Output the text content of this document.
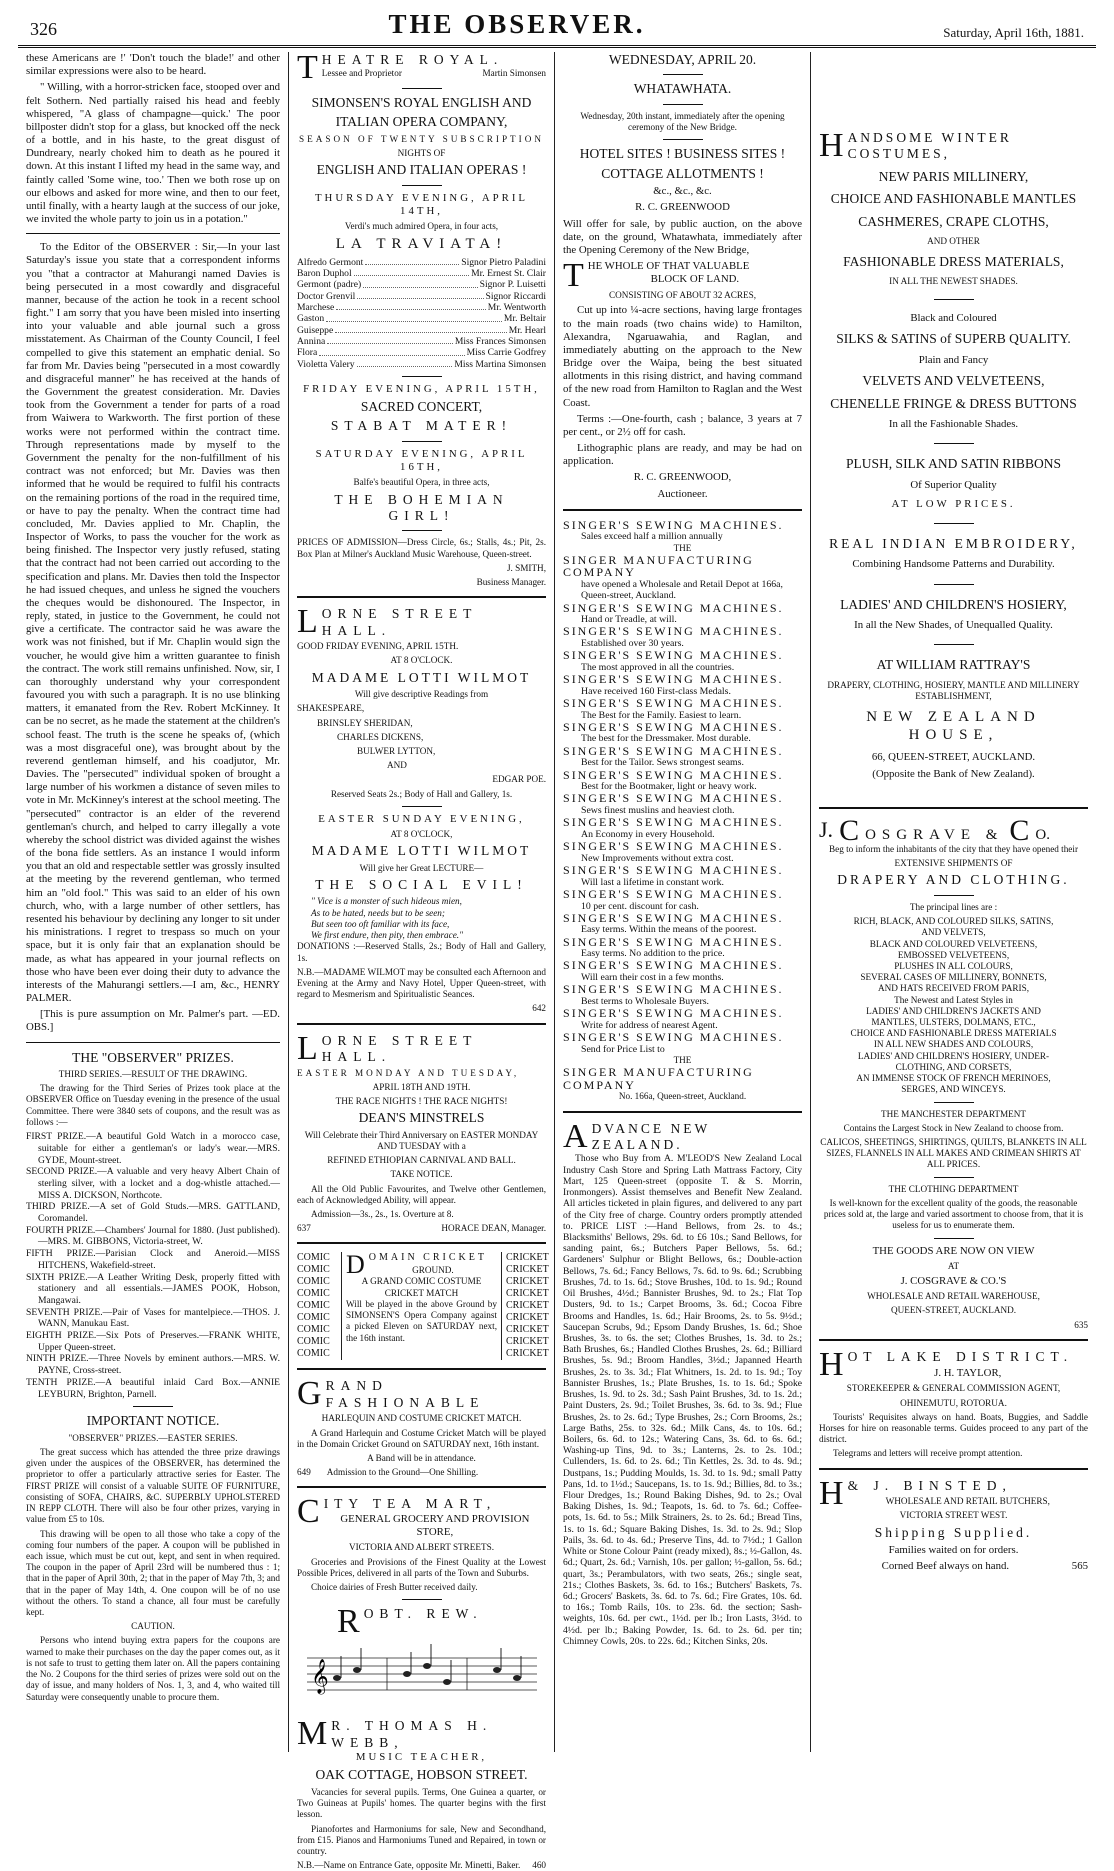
326	THE OBSERVER.	Saturday, April 16th, 1881.

these Americans are !' 'Don't touch the blade!' and other similar expressions were also to be heard.

" Willing, with a horror-stricken face, stooped over and felt Sothern. Ned partially raised his head and feebly whispered, "A glass of champagne—quick.' The poor billposter didn't stop for a glass, but knocked off the neck of a bottle, and in his haste, to the great disgust of Dundreary, nearly choked him to death as he poured it down. At this instant I lifted my head in the same way, and faintly called 'Some wine, too.' Then we both rose up on our elbows and asked for more wine, and then to our feet, until finally, with a hearty laugh at the success of our joke, we invited the whole party to join us in a potation."

To the Editor of the OBSERVER : Sir,—In your last Saturday's issue you state that a correspondent informs you "that a contractor at Mahurangi named Davies is being persecuted in a most cowardly and disgraceful manner, because of the action he took in a recent school fight." I am sorry that you have been misled into inserting into your valuable and able journal such a gross misstatement. As Chairman of the County Council, I feel compelled to give this statement an emphatic denial. So far from Mr. Davies being "persecuted in a most cowardly and disgraceful manner" he has received at the hands of the Government the greatest consideration. Mr. Davies took from the Government a tender for parts of a road from Waiwera to Warkworth. The first portion of these works were not performed within the contract time. Through representations made by myself to the Government the penalty for the non-fulfillment of his contract was not enforced; but Mr. Davies was then informed that he would be required to fulfil his contracts on the remaining portions of the road in the required time, or have to pay the penalty. When the contract time had concluded, Mr. Davies applied to Mr. Chaplin, the Inspector of Works, to pass the voucher for the work as being finished. The Inspector very justly refused, stating that the contract had not been carried out according to the specification and plans. Mr. Davies then told the Inspector he had issued cheques, and unless he signed the vouchers the cheques would be dishonoured. The Inspector, in reply, stated, in justice to the Government, he could not give a certificate. The contractor said he was aware the work was not finished, but if Mr. Chaplin would sign the voucher, he would give him a written guarantee to finish the contract. The work still remains unfinished. Now, sir, I can thoroughly understand why your correspondent favoured you with such a paragraph. It is no use blinking matters, it emanated from the Rev. Robert McKinney. It can be no secret, as he made the statement at the children's school feast. The truth is the scene he speaks of, (which was a most disgraceful one), was brought about by the reverend gentleman himself, and his coadjutor, Mr. Davies. The "persecuted" individual spoken of brought a large number of his workmen a distance of seven miles to vote in Mr. McKinney's interest at the school meeting. The "persecuted" contractor is an elder of the reverend gentleman's church, and helped to carry illegally a vote whereby the school district was divided against the wishes of the bona fide settlers. As an instance I would inform you that an old and respectable settler was grossly insulted at the meeting by the reverend gentleman, who termed him an "old fool." This was said to an elder of his own church, who, with a large number of other settlers, has resented his behaviour by declining any longer to sit under his ministrations. I regret to trespass so much on your space, but it is only fair that an explanation should be made, as what has appeared in your journal reflects on those who have been ever doing their duty to advance the interests of the Mahurangi settlers.—I am, &c., HENRY PALMER.

[This is pure assumption on Mr. Palmer's part. —ED. OBS.]

THE "OBSERVER" PRIZES.

THIRD SERIES.—RESULT OF THE DRAWING.

The drawing for the Third Series of Prizes took place at the OBSERVER Office on Tuesday evening in the presence of the usual Committee. There were 3840 sets of coupons, and the result was as follows :—

FIRST PRIZE.—A beautiful Gold Watch in a morocco case, suitable for either a gentleman's or lady's wear.—MRS. GYDE, Mount-street.
SECOND PRIZE.—A valuable and very heavy Albert Chain of sterling silver, with a locket and a dog-whistle attached.—MISS A. DICKSON, Northcote.
THIRD PRIZE.—A set of Gold Studs.—MRS. GATTLAND, Coromandel.
FOURTH PRIZE.—Chambers' Journal for 1880. (Just published).—MRS. M. GIBBONS, Victoria-street, W.
FIFTH PRIZE.—Parisian Clock and Aneroid.—MISS HITCHENS, Wakefield-street.
SIXTH PRIZE.—A Leather Writing Desk, properly fitted with stationery and all essentials.—JAMES POOK, Hobson, Mangawai.
SEVENTH PRIZE.—Pair of Vases for mantelpiece.—THOS. J. WANN, Manukau East.
EIGHTH PRIZE.—Six Pots of Preserves.—FRANK WHITE, Upper Queen-street.
NINTH PRIZE.—Three Novels by eminent authors.—MRS. W. PAYNE, Cross-street.
TENTH PRIZE.—A beautiful inlaid Card Box.—ANNIE LEYBURN, Brighton, Parnell.

IMPORTANT NOTICE.

"OBSERVER" PRIZES.—EASTER SERIES.

The great success which has attended the three prize drawings given under the auspices of the OBSERVER, has determined the proprietor to offer a particularly attractive series for Easter. The FIRST PRIZE will consist of a valuable SUITE OF FURNITURE, consisting of SOFA, CHAIRS, &C. SUPERBLY UPHOLSTERED IN REPP CLOTH. There will also be four other prizes, varying in value from £5 to 10s.

This drawing will be open to all those who take a copy of the coming four numbers of the paper. A coupon will be published in each issue, which must be cut out, kept, and sent in when required. The coupon in the paper of April 23rd will be numbered thus : 1; that in the paper of April 30th, 2; that in the paper of May 7th, 3; and that in the paper of May 14th, 4. One coupon will be of no use without the others. To stand a chance, all four must be carefully kept.

CAUTION.

Persons who intend buying extra papers for the coupons are warned to make their purchases on the day the paper comes out, as it is not safe to trust to getting them later on. All the papers containing the No. 2 Coupons for the third series of prizes were sold out on the day of issue, and many holders of Nos. 1, 3, and 4, who waited till Saturday were consequently unable to procure them.

THEATRE ROYAL.
Lessee and Proprietor	Martin Simonsen

SIMONSEN'S ROYAL ENGLISH AND

ITALIAN OPERA COMPANY,

SEASON OF TWENTY SUBSCRIPTION

NIGHTS OF

ENGLISH AND ITALIAN OPERAS !

THURSDAY EVENING, APRIL 14TH,

Verdi's much admired Opera, in four acts,

LA TRAVIATA!

Alfredo Germont	Signor Pietro Paladini
Baron Duphol	Mr. Ernest St. Clair
Germont (padre)	Signor P. Luisetti
Doctor Grenvil	Signor Riccardi
Marchese	Mr. Wentworth
Gaston	Mr. Beltair
Guiseppe	Mr. Hearl
Annina	Miss Frances Simonsen
Flora	Miss Carrie Godfrey
Violetta Valery	Miss Martina Simonsen

FRIDAY EVENING, APRIL 15TH,

SACRED CONCERT,

STABAT MATER!

SATURDAY EVENING, APRIL 16TH,

Balfe's beautiful Opera, in three acts,

THE BOHEMIAN GIRL!

PRICES OF ADMISSION—Dress Circle, 6s.; Stalls, 4s.; Pit, 2s. Box Plan at Milner's Auckland Music Warehouse, Queen-street.

J. SMITH,

Business Manager.

LORNE STREET HALL.

GOOD FRIDAY EVENING, APRIL 15TH.

AT 8 O'CLOCK.

MADAME LOTTI WILMOT

Will give descriptive Readings from

SHAKESPEARE,

BRINSLEY SHERIDAN,

CHARLES DICKENS,

BULWER LYTTON,

AND

EDGAR POE.

Reserved Seats 2s.; Body of Hall and Gallery, 1s.

EASTER SUNDAY EVENING,

AT 8 O'CLOCK,

MADAME LOTTI WILMOT

Will give her Great LECTURE—

THE SOCIAL EVIL!

" Vice is a monster of such hideous mien,
As to be hated, needs but to be seen;
But seen too oft familiar with its face,
We first endure, then pity, then embrace."

DONATIONS :—Reserved Stalls, 2s.; Body of Hall and Gallery, 1s.

N.B.—MADAME WILMOT may be consulted each Afternoon and Evening at the Army and Navy Hotel, Upper Queen-street, with regard to Mesmerism and Spiritualistic Seances.

642

LORNE STREET HALL.

EASTER MONDAY AND TUESDAY,

APRIL 18TH AND 19TH.

THE RACE NIGHTS ! THE RACE NIGHTS!

DEAN'S MINSTRELS

Will Celebrate their Third Anniversary on EASTER MONDAY AND TUESDAY with a

REFINED ETHIOPIAN CARNIVAL AND BALL.

TAKE NOTICE.

All the Old Public Favourites, and Twelve other Gentlemen, each of Acknowledged Ability, will appear.

Admission—3s., 2s., 1s. Overture at 8.

637	HORACE DEAN, Manager.
COMIC
COMIC
COMIC
COMIC
COMIC
COMIC
COMIC
COMIC
COMIC
DOMAIN CRICKET
GROUND.
A GRAND COMIC COSTUME CRICKET MATCH
Will be played in the above Ground by SIMONSEN'S Opera Company against a picked Eleven on SATURDAY next, the 16th instant.
CRICKET
CRICKET
CRICKET
CRICKET
CRICKET
CRICKET
CRICKET
CRICKET
CRICKET
GRAND FASHIONABLE

HARLEQUIN AND COSTUME CRICKET MATCH.

A Grand Harlequin and Costume Cricket Match will be played in the Domain Cricket Ground on SATURDAY next, 16th instant.

A Band will be in attendance.

649 Admission to the Ground—One Shilling.
CITY TEA MART,

GENERAL GROCERY AND PROVISION STORE,

VICTORIA AND ALBERT STREETS.

Groceries and Provisions of the Finest Quality at the Lowest Possible Prices, delivered in all parts of the Town and Suburbs.

Choice dairies of Fresh Butter received daily.

ROBT. REW.
𝄞
M R. THOMAS H. WEBB,

MUSIC TEACHER,

OAK COTTAGE, HOBSON STREET.

Vacancies for several pupils. Terms, One Guinea a quarter, or Two Guineas at Pupils' homes. The quarter begins with the first lesson.

Pianofortes and Harmoniums for sale, New and Secondhand, from £15. Pianos and Harmoniums Tuned and Repaired, in town or country.

N.B.—Name on Entrance Gate, opposite Mr. Minetti, Baker. 460

WEDNESDAY, APRIL 20.

WHATAWHATA.

Wednesday, 20th instant, immediately after the opening ceremony of the New Bridge.

HOTEL SITES ! BUSINESS SITES !

COTTAGE ALLOTMENTS !

&c., &c., &c.

R. C. GREENWOOD

Will offer for sale, by public auction, on the above date, on the ground, Whatawhata, immediately after the Opening Ceremony of the New Bridge,

THE WHOLE OF THAT VALUABLE

BLOCK OF LAND.

CONSISTING OF ABOUT 32 ACRES,

Cut up into ¼-acre sections, having large frontages to the main roads (two chains wide) to Hamilton, Alexandra, Ngaruawahia, and Raglan, and immediately abutting on the approach to the New Bridge over the Waipa, being the best situated allotments in this rising district, and having command of the new road from Hamilton to Raglan and the West Coast.

Terms :—One-fourth, cash ; balance, 3 years at 7 per cent., or 2½ off for cash.

Lithographic plans are ready, and may be had on application.

R. C. GREENWOOD,

Auctioneer.

SINGER'S SEWING MACHINES.
Sales exceed half a million annually
THE
SINGER MANUFACTURING COMPANY
have opened a Wholesale and Retail Depot at 166a, Queen-street, Auckland.
SINGER'S SEWING MACHINES.
Hand or Treadle, at will.
SINGER'S SEWING MACHINES.
Established over 30 years.
SINGER'S SEWING MACHINES.
The most approved in all the countries.
SINGER'S SEWING MACHINES.
Have received 160 First-class Medals.
SINGER'S SEWING MACHINES.
The Best for the Family. Easiest to learn.
SINGER'S SEWING MACHINES.
The best for the Dressmaker. Most durable.
SINGER'S SEWING MACHINES.
Best for the Tailor. Sews strongest seams.
SINGER'S SEWING MACHINES.
Best for the Bootmaker, light or heavy work.
SINGER'S SEWING MACHINES.
Sews finest muslins and heaviest cloth.
SINGER'S SEWING MACHINES.
An Economy in every Household.
SINGER'S SEWING MACHINES.
New Improvements without extra cost.
SINGER'S SEWING MACHINES.
Will last a lifetime in constant work.
SINGER'S SEWING MACHINES.
10 per cent. discount for cash.
SINGER'S SEWING MACHINES.
Easy terms. Within the means of the poorest.
SINGER'S SEWING MACHINES.
Easy terms. No addition to the price.
SINGER'S SEWING MACHINES.
Will earn their cost in a few months.
SINGER'S SEWING MACHINES.
Best terms to Wholesale Buyers.
SINGER'S SEWING MACHINES.
Write for address of nearest Agent.
SINGER'S SEWING MACHINES.
Send for Price List to
THE
SINGER MANUFACTURING COMPANY
No. 166a, Queen-street, Auckland.
ADVANCE NEW ZEALAND.

Those who Buy from A. M'LEOD'S New Zealand Local Industry Cash Store and Spring Lath Mattrass Factory, City Mart, 125 Queen-street (opposite T. & S. Morrin, Ironmongers). Assist themselves and Benefit New Zealand. All articles ticketed in plain figures, and delivered to any part of the City free of charge. Country orders promptly attended to. PRICE LIST :—Hand Bellows, from 2s. to 4s.; Blacksmiths' Bellows, 29s. 6d. to £6 10s.; Sand Bellows, for sanding paint, 6s.; Butchers Paper Bellows, 5s. 6d.; Gardeners' Sulphur or Blight Bellows, 6s.; Double-action Bellows, 7s. 6d.; Fancy Bellows, 7s. 6d. to 9s. 6d.; Scrubbing Brushes, 7d. to 1s. 6d.; Stove Brushes, 10d. to 1s. 9d.; Round Oil Brushes, 4½d.; Bannister Brushes, 9d. to 2s.; Flat Top Dusters, 9d. to 1s.; Carpet Brooms, 3s. 6d.; Cocoa Fibre Brooms and Handles, 1s. 6d.; Hair Brooms, 2s. to 5s. 9½d.; Saucepan Scrubs, 9d.; Epsom Dandy Brushes, 1s. 6d.; Shoe Brushes, 3s. to 6s. the set; Clothes Brushes, 1s. 3d. to 2s.; Bath Brushes, 6s.; Handled Clothes Brushes, 2s. 6d.; Billiard Brushes, 5s. 9d.; Broom Handles, 3½d.; Japanned Hearth Brushes, 2s. to 3s. 3d.; Flat Whitners, 1s. 2d. to 1s. 9d.; Toy Bannister Brushes, 1s.; Plate Brushes, 1s. to 1s. 6d.; Spoke Brushes, 1s. 9d. to 2s. 3d.; Sash Paint Brushes, 3d. to 1s. 2d.; Paint Dusters, 2s. 9d.; Toilet Brushes, 3s. 6d. to 3s. 9d.; Flue Brushes, 2s. to 2s. 6d.; Type Brushes, 2s.; Corn Brooms, 2s.; Large Baths, 25s. to 32s. 6d.; Milk Cans, 4s. to 10s. 6d.; Boilers, 6s. 6d. to 12s.; Watering Cans, 3s. 6d. to 6s. 6d.; Washing-up Tins, 9d. to 3s.; Lanterns, 2s. to 2s. 10d.; Cullenders, 1s. 6d. to 2s. 6d.; Tin Kettles, 2s. 3d. to 4s. 9d.; Dustpans, 1s.; Pudding Moulds, 1s. 3d. to 1s. 9d.; small Patty Pans, 1d. to 1½d.; Saucepans, 1s. to 1s. 9d.; Billies, 8d. to 3s.; Flour Dredges, 1s.; Round Baking Dishes, 9d. to 2s.; Oval Baking Dishes, 1s. 9d.; Teapots, 1s. 6d. to 7s. 6d.; Coffee-pots, 1s. 6d. to 5s.; Milk Strainers, 2s. to 2s. 6d.; Bread Tins, 1s. to 1s. 6d.; Square Baking Dishes, 1s. 3d. to 2s. 9d.; Slop Pails, 3s. 6d. to 4s. 6d.; Preserve Tins, 4d. to 7½d.; 1 Gallon White or Stone Colour Paint (ready mixed), 8s.; ½-Gallon, 4s. 6d.; Quart, 2s. 6d.; Varnish, 10s. per gallon; ½-gallon, 5s. 6d.; quart, 3s.; Perambulators, with two seats, 26s.; single seat, 21s.; Clothes Baskets, 3s. 6d. to 16s.; Butchers' Baskets, 7s. 6d.; Grocers' Baskets, 3s. 6d. to 7s. 6d.; Fire Grates, 10s. 6d. to 16s.; Tomb Rails, 10s. to 23s. 6d. the section; Sash-weights, 10s. 6d. per cwt., 1½d. per lb.; Iron Lasts, 3½d. to 4½d. per lb.; Baking Powder, 1s. 6d. to 2s. 6d. per tin; Chimney Cowls, 20s. to 22s. 6d.; Kitchen Sinks, 20s.

HANDSOME WINTER COSTUMES,

NEW PARIS MILLINERY,

CHOICE AND FASHIONABLE MANTLES

CASHMERES, CRAPE CLOTHS,

AND OTHER

FASHIONABLE DRESS MATERIALS,

IN ALL THE NEWEST SHADES.

Black and Coloured

SILKS & SATINS of SUPERB QUALITY.

Plain and Fancy

VELVETS AND VELVETEENS,

CHENELLE FRINGE & DRESS BUTTONS

In all the Fashionable Shades.

PLUSH, SILK AND SATIN RIBBONS

Of Superior Quality

AT LOW PRICES.

REAL INDIAN EMBROIDERY,

Combining Handsome Patterns and Durability.

LADIES' AND CHILDREN'S HOSIERY,

In all the New Shades, of Unequalled Quality.

AT WILLIAM RATTRAY'S

DRAPERY, CLOTHING, HOSIERY, MANTLE AND MILLINERY ESTABLISHMENT,

NEW ZEALAND HOUSE,

66, QUEEN-STREET, AUCKLAND.

(Opposite the Bank of New Zealand).

J. C OSGRAVE & C O.

Beg to inform the inhabitants of the city that they have opened their

EXTENSIVE SHIPMENTS OF

DRAPERY AND CLOTHING.

The principal lines are :

RICH, BLACK, AND COLOURED SILKS, SATINS,
AND VELVETS,
BLACK AND COLOURED VELVETEENS,
EMBOSSED VELVETEENS,
PLUSHES IN ALL COLOURS,
SEVERAL CASES OF MILLINERY, BONNETS,
AND HATS RECEIVED FROM PARIS,
The Newest and Latest Styles in
LADIES' AND CHILDREN'S JACKETS AND
MANTLES, ULSTERS, DOLMANS, ETC.,
CHOICE AND FASHIONABLE DRESS MATERIALS
IN ALL NEW SHADES AND COLOURS,
LADIES' AND CHILDREN'S HOSIERY, UNDER-
CLOTHING, AND CORSETS,
AN IMMENSE STOCK OF FRENCH MERINOES,
SERGES, AND WINCEYS.

THE MANCHESTER DEPARTMENT

Contains the Largest Stock in New Zealand to choose from.

CALICOS, SHEETINGS, SHIRTINGS, QUILTS, BLANKETS IN ALL SIZES, FLANNELS IN ALL MAKES AND CRIMEAN SHIRTS AT ALL PRICES.

THE CLOTHING DEPARTMENT

Is well-known for the excellent quality of the goods, the reasonable prices sold at, the large and varied assortment to choose from, that it is useless for us to enumerate them.

THE GOODS ARE NOW ON VIEW

AT

J. COSGRAVE & CO.'S

WHOLESALE AND RETAIL WAREHOUSE,

QUEEN-STREET, AUCKLAND.

635

HOT LAKE DISTRICT.

J. H. TAYLOR,

STOREKEEPER & GENERAL COMMISSION AGENT,

OHINEMUTU, ROTORUA.

Tourists' Requisites always on hand. Boats, Buggies, and Saddle Horses for hire on reasonable terms. Guides proceed to any part of the district.

Telegrams and letters will receive prompt attention.

H & J. BINSTED,

WHOLESALE AND RETAIL BUTCHERS,

VICTORIA STREET WEST.

Shipping Supplied.

Families waited on for orders.

Corned Beef always on hand.	565
